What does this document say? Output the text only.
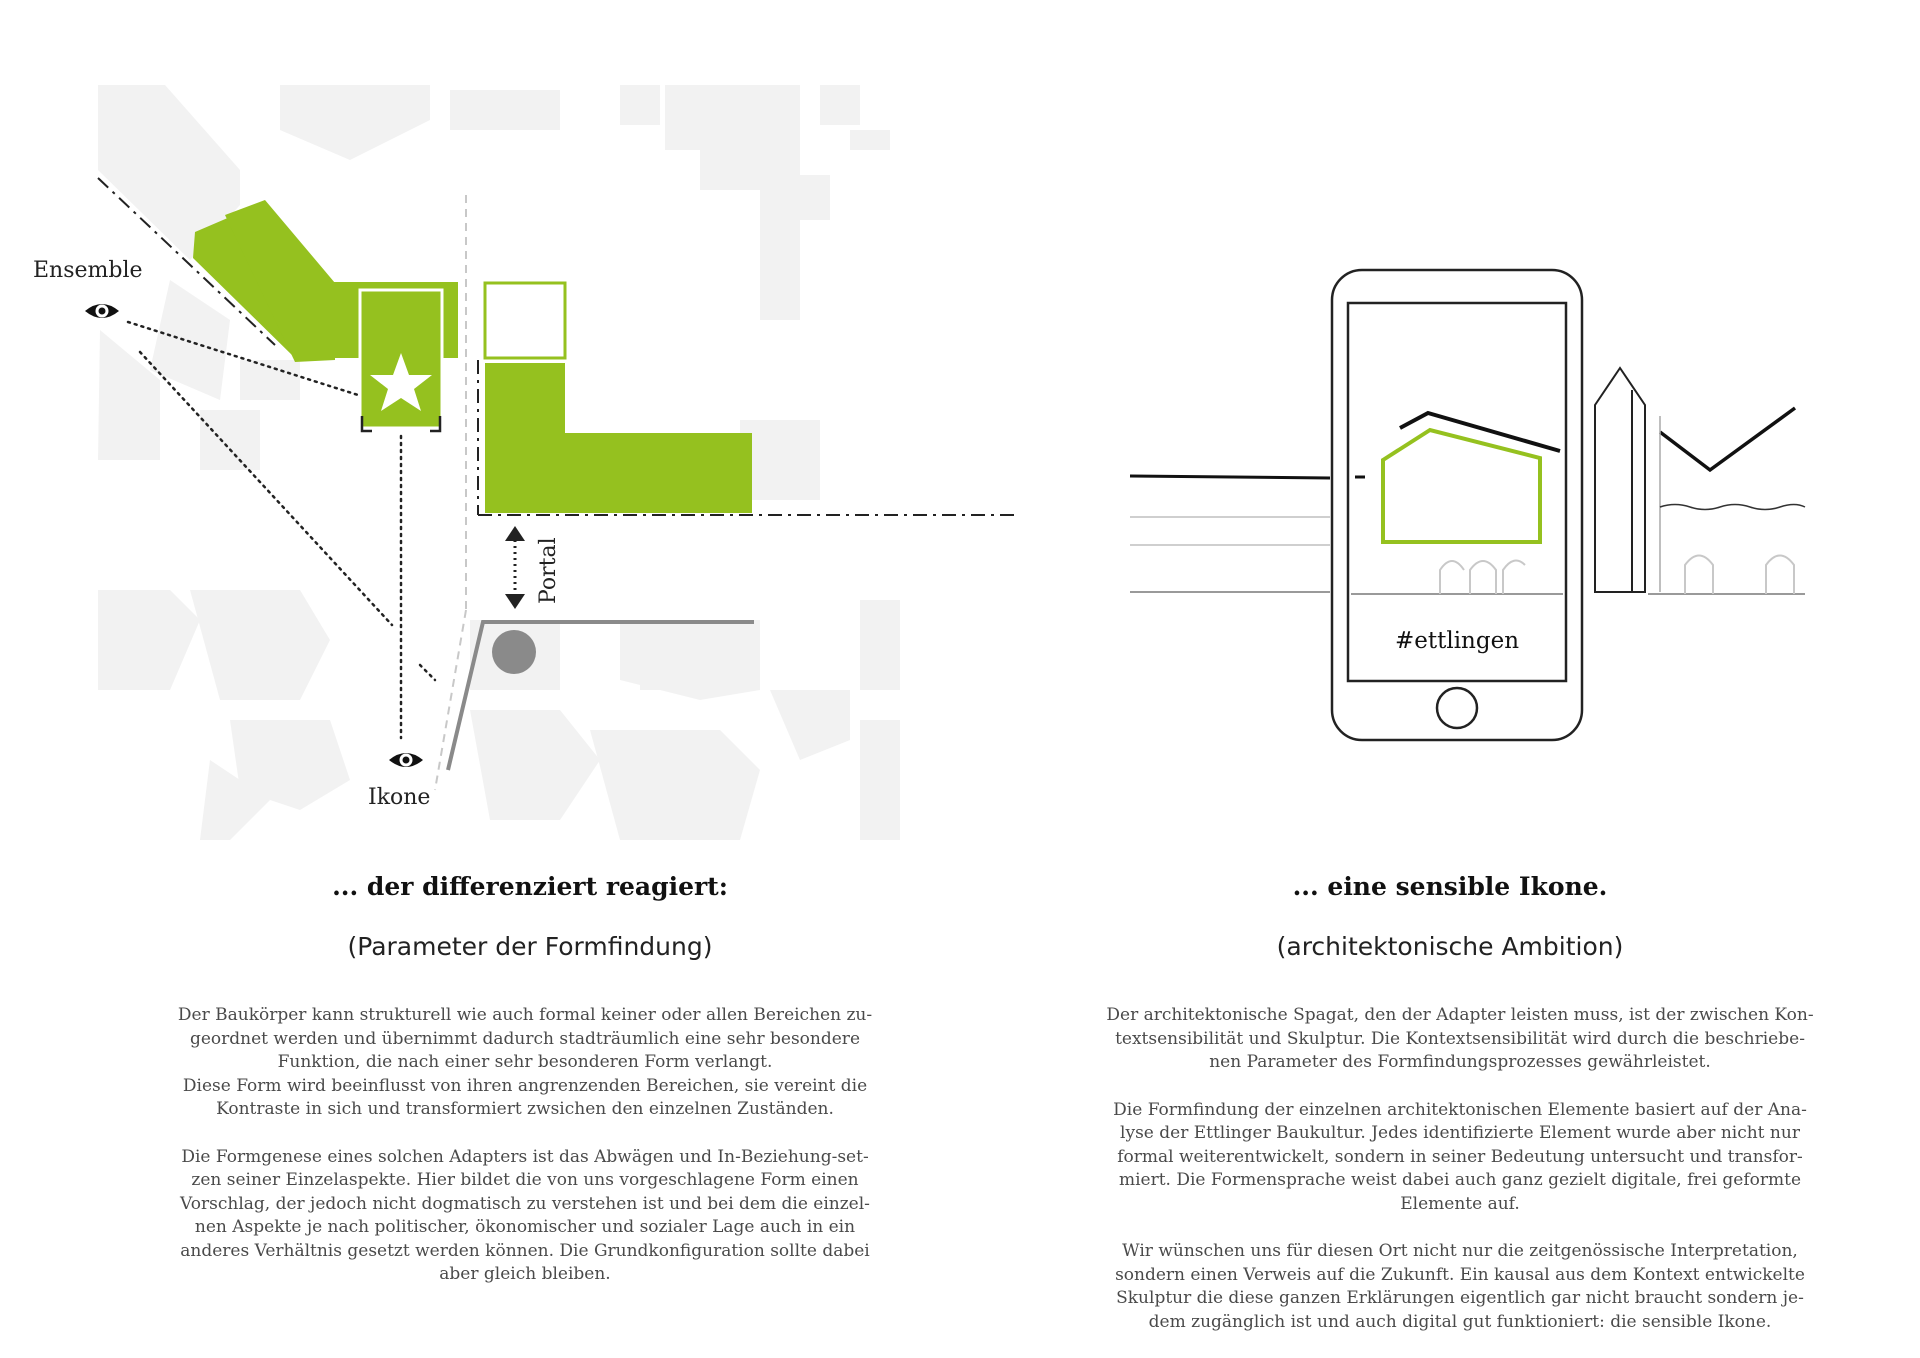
Ensemble
Ikone
Portal
#ettlingen
... der differenziert reagiert:
(Parameter der Formfindung)

Der Baukörper kann strukturell wie auch formal keiner oder allen Bereichen zu-
geordnet werden und übernimmt dadurch stadträumlich eine sehr besondere
Funktion, die nach einer sehr besonderen Form verlangt.
Diese Form wird beeinflusst von ihren angrenzenden Bereichen, sie vereint die
Kontraste in sich und transformiert zwsichen den einzelnen Zuständen.

Die Formgenese eines solchen Adapters ist das Abwägen und In-Beziehung-set-
zen seiner Einzelaspekte. Hier bildet die von uns vorgeschlagene Form einen
Vorschlag, der jedoch nicht dogmatisch zu verstehen ist und bei dem die einzel-
nen Aspekte je nach politischer, ökonomischer und sozialer Lage auch in ein
anderes Verhältnis gesetzt werden können. Die Grundkonfiguration sollte dabei
aber gleich bleiben.

... eine sensible Ikone.
(architektonische Ambition)

Der architektonische Spagat, den der Adapter leisten muss, ist der zwischen Kon-
textsensibilität und Skulptur. Die Kontextsensibilität wird durch die beschriebe-
nen Parameter des Formfindungsprozesses gewährleistet.

Die Formfindung der einzelnen architektonischen Elemente basiert auf der Ana-
lyse der Ettlinger Baukultur. Jedes identifizierte Element wurde aber nicht nur
formal weiterentwickelt, sondern in seiner Bedeutung untersucht und transfor-
miert. Die Formensprache weist dabei auch ganz gezielt digitale, frei geformte
Elemente auf.

Wir wünschen uns für diesen Ort nicht nur die zeitgenössische Interpretation,
sondern einen Verweis auf die Zukunft. Ein kausal aus dem Kontext entwickelte
Skulptur die diese ganzen Erklärungen eigentlich gar nicht braucht sondern je-
dem zugänglich ist und auch digital gut funktioniert: die sensible Ikone.
